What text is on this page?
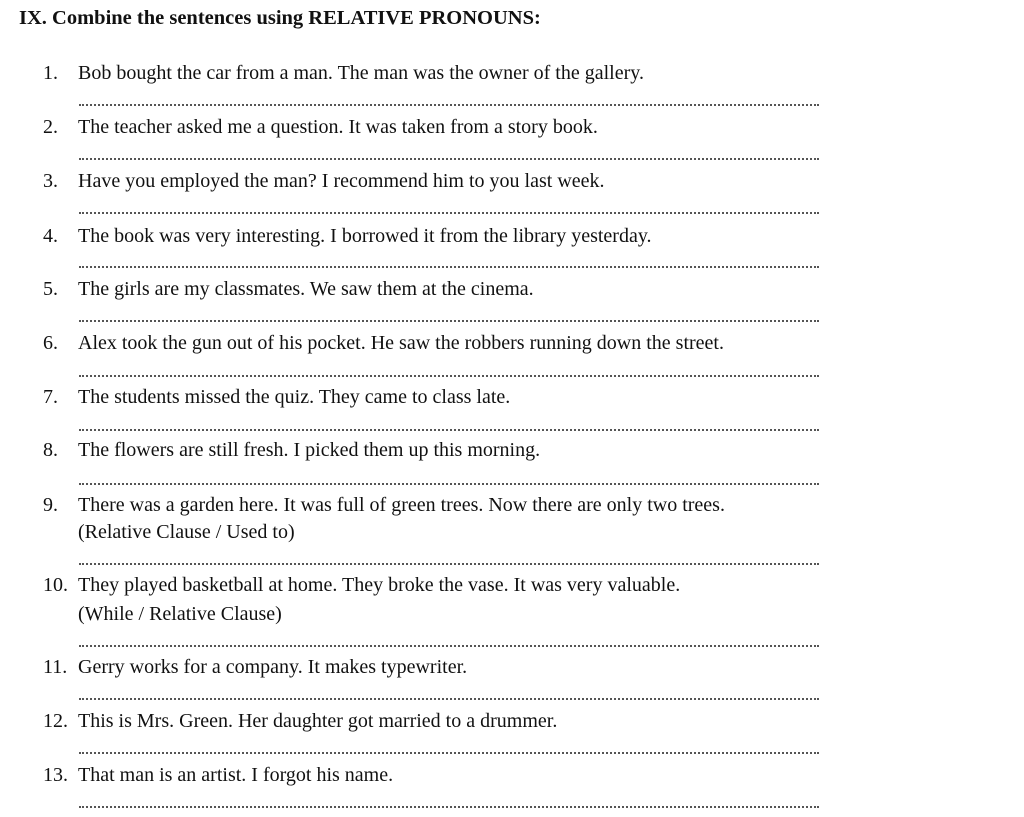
IX. Combine the sentences using RELATIVE PRONOUNS:
1. Bob bought the car from a man. The man was the owner of the gallery.
2. The teacher asked me a question. It was taken from a story book.
3. Have you employed the man? I recommend him to you last week.
4. The book was very interesting. I borrowed it from the library yesterday.
5. The girls are my classmates. We saw them at the cinema.
6. Alex took the gun out of his pocket. He saw the robbers running down the street.
7. The students missed the quiz. They came to class late.
8. The flowers are still fresh. I picked them up this morning.
9. There was a garden here. It was full of green trees. Now there are only two trees.
(Relative Clause / Used to)
10. They played basketball at home. They broke the vase. It was very valuable.
(While / Relative Clause)
11. Gerry works for a company. It makes typewriter.
12. This is Mrs. Green. Her daughter got married to a drummer.
13. That man is an artist. I forgot his name.
